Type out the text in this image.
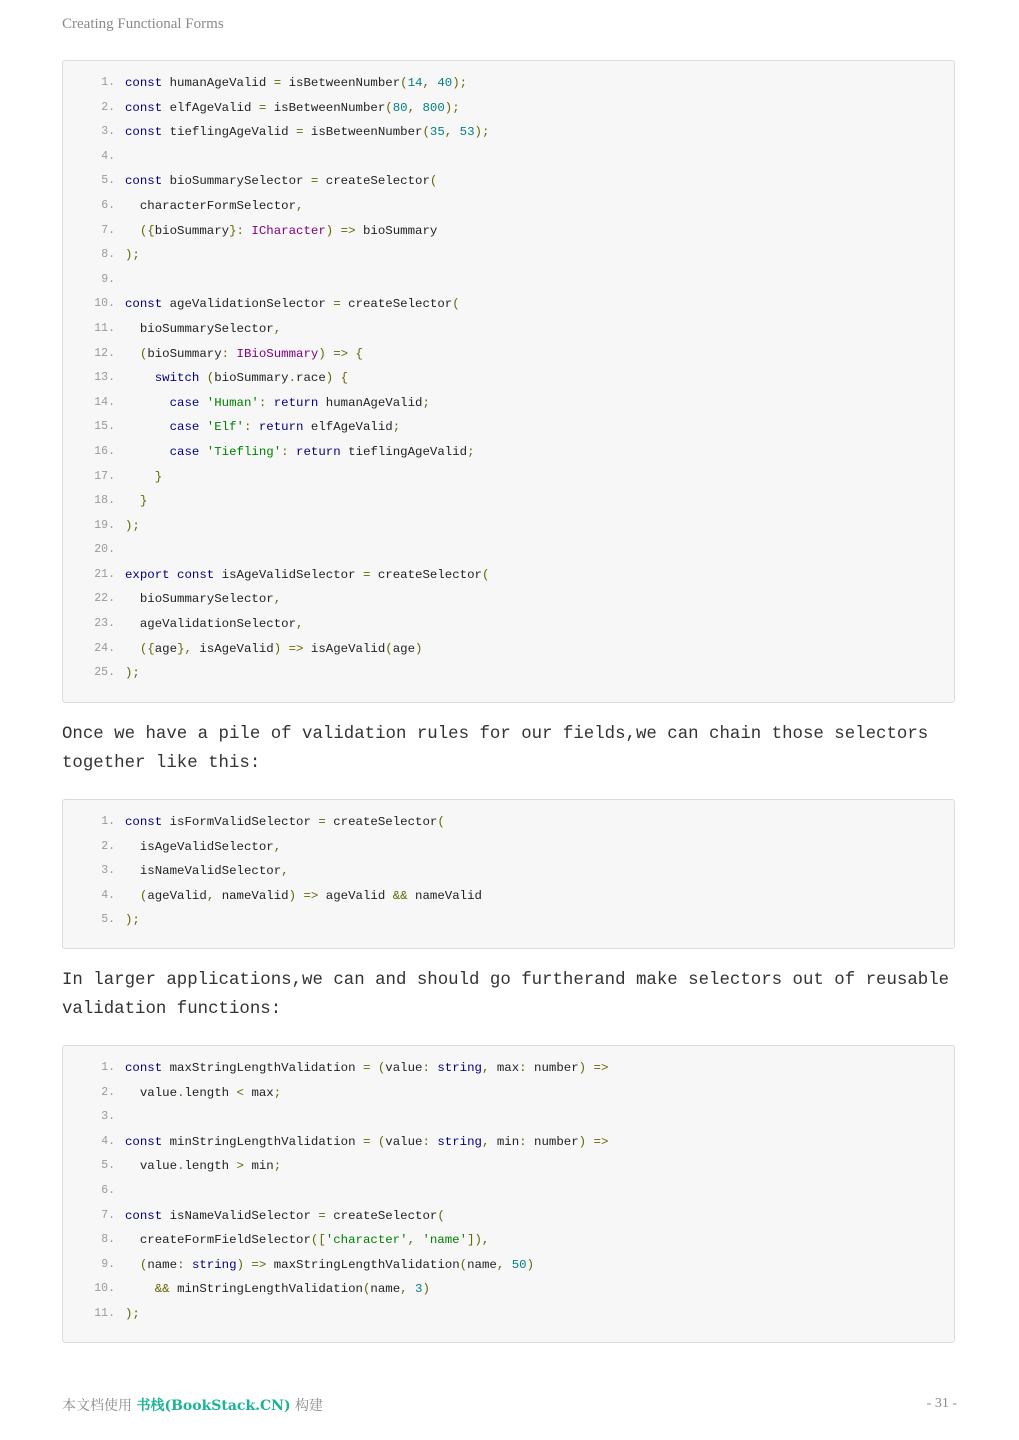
Creating Functional Forms
1. const humanAgeValid = isBetweenNumber(14, 40);
2. const elfAgeValid = isBetweenNumber(80, 800);
3. const tieflingAgeValid = isBetweenNumber(35, 53);
4.
5. const bioSummarySelector = createSelector(
6. characterFormSelector,
7. ({bioSummary}: ICharacter) => bioSummary
8. );
9.
10. const ageValidationSelector = createSelector(
11. bioSummarySelector,
12. (bioSummary: IBioSummary) => {
13. switch (bioSummary.race) {
14. case 'Human': return humanAgeValid;
15. case 'Elf': return elfAgeValid;
16. case 'Tiefling': return tieflingAgeValid;
17. }
18. }
19. );
20.
21. export const isAgeValidSelector = createSelector(
22. bioSummarySelector,
23. ageValidationSelector,
24. ({age}, isAgeValid) => isAgeValid(age)
25. );

Once we have a pile of validation rules for our fields,we can chain those selectors together like this:

1. const isFormValidSelector = createSelector(
2. isAgeValidSelector,
3. isNameValidSelector,
4. (ageValid, nameValid) => ageValid && nameValid
5. );

In larger applications,we can and should go furtherand make selectors out of reusable validation functions:

1. const maxStringLengthValidation = (value: string, max: number) =>
2. value.length < max;
3.
4. const minStringLengthValidation = (value: string, min: number) =>
5. value.length > min;
6.
7. const isNameValidSelector = createSelector(
8. createFormFieldSelector(['character', 'name']),
9. (name: string) => maxStringLengthValidation(name, 50)
10. && minStringLengthValidation(name, 3)
11. );
本文档使用 书栈(BookStack.CN) 构建	- 31 -
